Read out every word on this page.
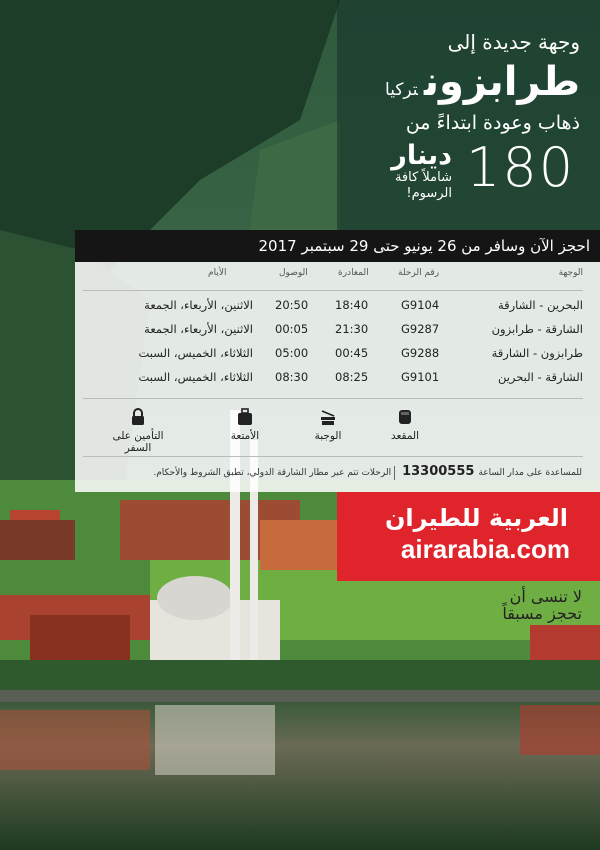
وجهة جديدة إلى
طرابزونتركيا
ذهاب وعودة ابتداءً من
180
دينار
شاملاً كافة الرسوم!
احجز الآن وسافر من 26 يونيو حتى 29 سبتمبر 2017
الوجهة
رقم الرحلة
المغادرة
الوصول
الأيام
البحرين - الشارقة
G9104
18:40
20:50
الاثنين، الأربعاء، الجمعة
الشارقة - طرابزون
G9287
21:30
00:05
الاثنين، الأربعاء، الجمعة
طرابزون - الشارقة
G9288
00:45
05:00
الثلاثاء، الخميس، السبت
الشارقة - البحرين
G9101
08:25
08:30
الثلاثاء، الخميس، السبت
التأمين على السفر
الأمتعة	الوجبة	المقعد
لا تنسى أن
تحجز مسبقاً
للمساعدة على مدار الساعة13300555الرحلات تتم عبر مطار الشارقة الدولي، تطبق الشروط والأحكام.
العربية للطيران
airarabia.com
